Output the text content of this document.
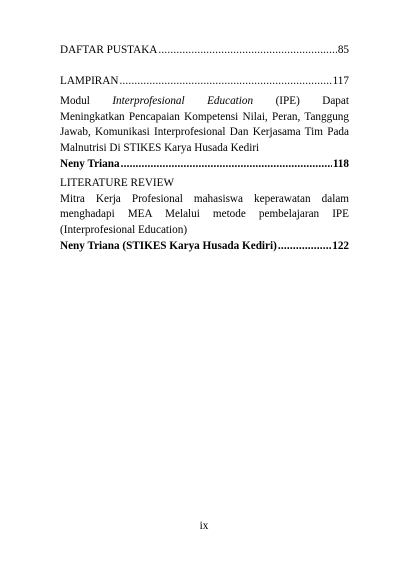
DAFTAR PUSTAKA .....	85
LAMPIRAN .....	117
Modul Interprofesional Education (IPE) Dapat

Meningkatkan Pencapaian Kompetensi Nilai, Peran, Tanggung Jawab, Komunikasi Interprofesional Dan Kerjasama Tim Pada Malnutrisi Di STIKES Karya Husada Kediri

Neny Triana .....	118
LITERATURE REVIEW

Mitra Kerja Profesional mahasiswa keperawatan dalam menghadapi MEA Melalui metode pembelajaran IPE (Interprofesional Education)

Neny Triana (STIKES Karya Husada Kediri) .....	122
ix
